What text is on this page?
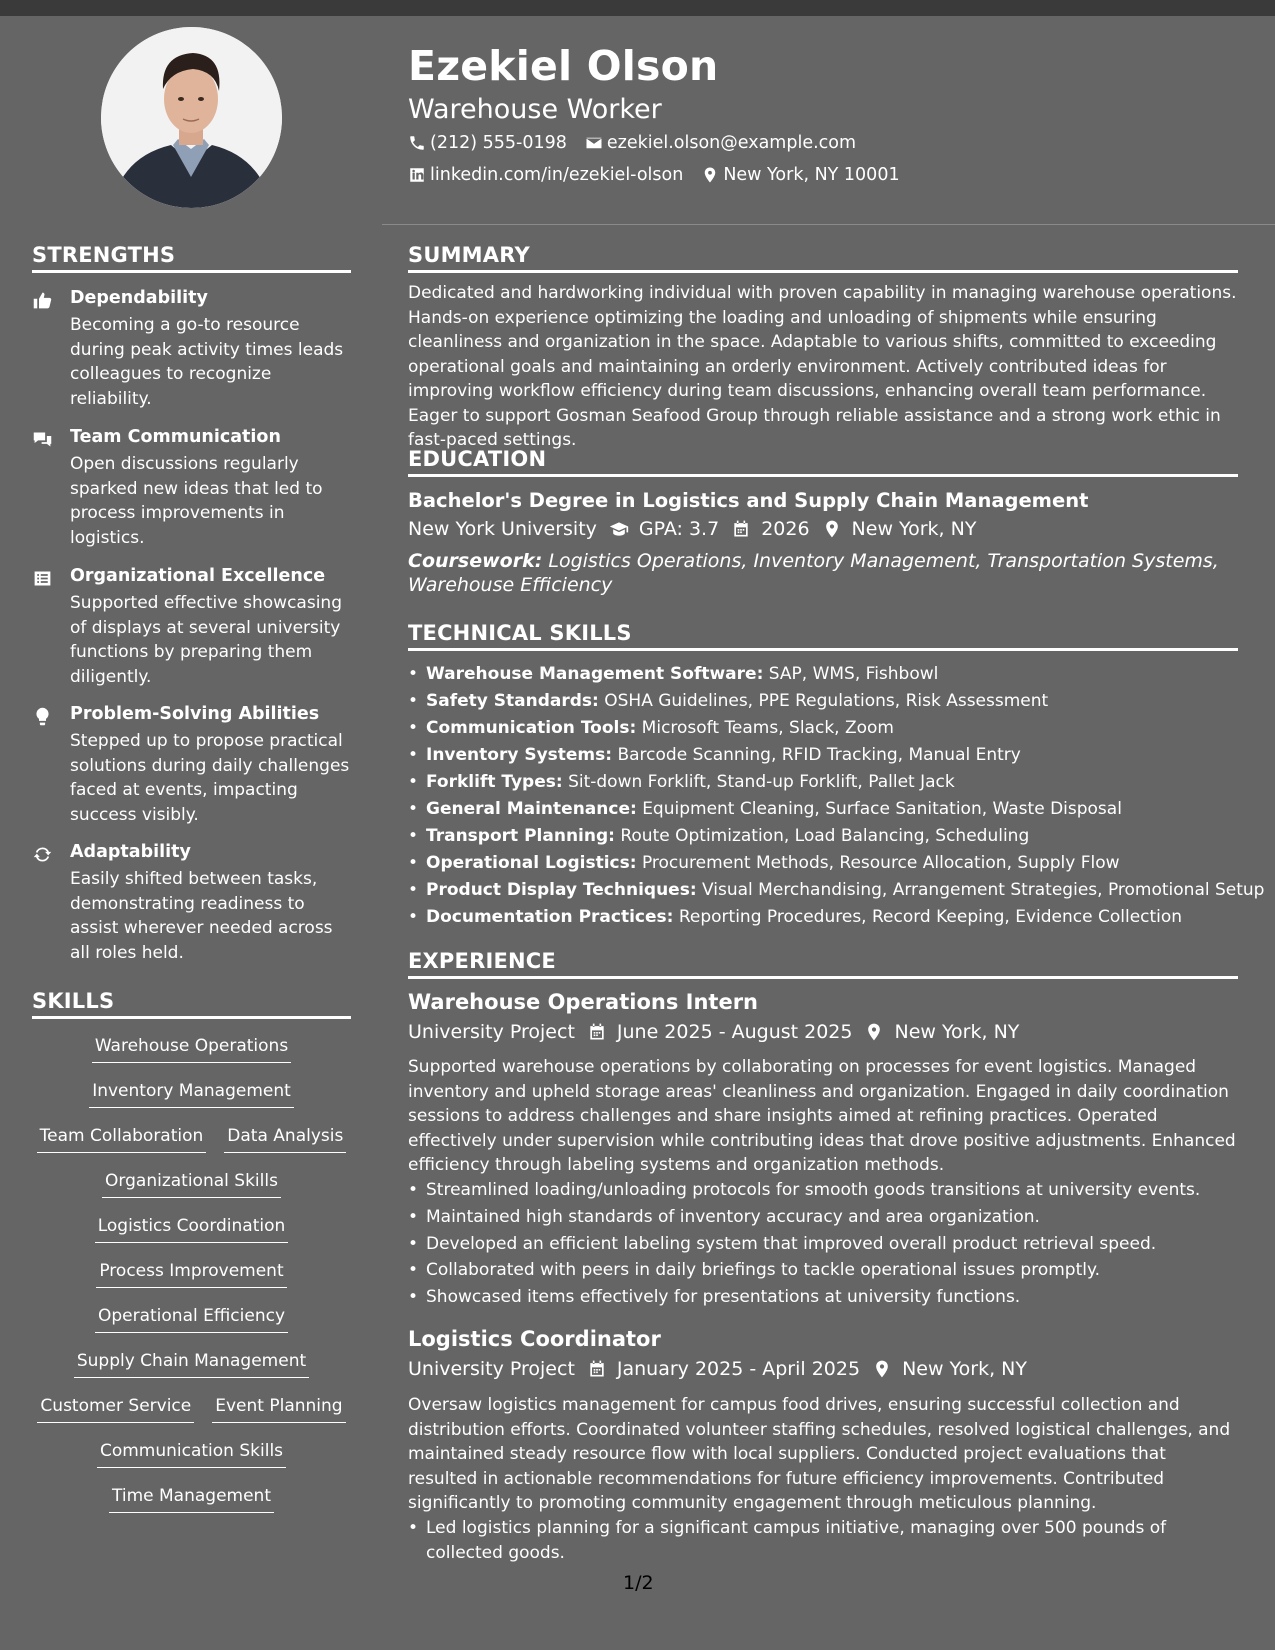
Ezekiel Olson
Warehouse Worker
(212) 555-0198 ezekiel.olson@example.com
linkedin.com/in/ezekiel-olson New York, NY 10001
STRENGTHS
Dependability
Becoming a go-to resource during peak activity times leads colleagues to recognize reliability.
Team Communication
Open discussions regularly sparked new ideas that led to process improvements in logistics.
Organizational Excellence
Supported effective showcasing of displays at several university functions by preparing them diligently.
Problem-Solving Abilities
Stepped up to propose practical solutions during daily challenges faced at events, impacting success visibly.
Adaptability
Easily shifted between tasks, demonstrating readiness to assist wherever needed across all roles held.
SKILLS
Warehouse Operations
Inventory Management
Team Collaboration Data Analysis
Organizational Skills
Logistics Coordination
Process Improvement
Operational Efficiency
Supply Chain Management
Customer Service Event Planning
Communication Skills
Time Management
SUMMARY
Dedicated and hardworking individual with proven capability in managing warehouse operations. Hands-on experience optimizing the loading and unloading of shipments while ensuring cleanliness and organization in the space. Adaptable to various shifts, committed to exceeding operational goals and maintaining an orderly environment. Actively contributed ideas for improving workflow efficiency during team discussions, enhancing overall team performance. Eager to support Gosman Seafood Group through reliable assistance and a strong work ethic in fast-paced settings.
EDUCATION
Bachelor's Degree in Logistics and Supply Chain Management
New York University GPA: 3.7 2026 New York, NY
Coursework: Logistics Operations, Inventory Management, Transportation Systems, Warehouse Efficiency
TECHNICAL SKILLS
• Warehouse Management Software: SAP, WMS, Fishbowl
• Safety Standards: OSHA Guidelines, PPE Regulations, Risk Assessment
• Communication Tools: Microsoft Teams, Slack, Zoom
• Inventory Systems: Barcode Scanning, RFID Tracking, Manual Entry
• Forklift Types: Sit-down Forklift, Stand-up Forklift, Pallet Jack
• General Maintenance: Equipment Cleaning, Surface Sanitation, Waste Disposal
• Transport Planning: Route Optimization, Load Balancing, Scheduling
• Operational Logistics: Procurement Methods, Resource Allocation, Supply Flow
• Product Display Techniques: Visual Merchandising, Arrangement Strategies, Promotional Setup
• Documentation Practices: Reporting Procedures, Record Keeping, Evidence Collection
EXPERIENCE
Warehouse Operations Intern
University Project June 2025 - August 2025 New York, NY
Supported warehouse operations by collaborating on processes for event logistics. Managed inventory and upheld storage areas' cleanliness and organization. Engaged in daily coordination sessions to address challenges and share insights aimed at refining practices. Operated effectively under supervision while contributing ideas that drove positive adjustments. Enhanced efficiency through labeling systems and organization methods.
• Streamlined loading/unloading protocols for smooth goods transitions at university events.
• Maintained high standards of inventory accuracy and area organization.
• Developed an efficient labeling system that improved overall product retrieval speed.
• Collaborated with peers in daily briefings to tackle operational issues promptly.
• Showcased items effectively for presentations at university functions.
Logistics Coordinator
University Project January 2025 - April 2025 New York, NY
Oversaw logistics management for campus food drives, ensuring successful collection and distribution efforts. Coordinated volunteer staffing schedules, resolved logistical challenges, and maintained steady resource flow with local suppliers. Conducted project evaluations that resulted in actionable recommendations for future efficiency improvements. Contributed significantly to promoting community engagement through meticulous planning.
• Led logistics planning for a significant campus initiative, managing over 500 pounds of collected goods.
1/2
